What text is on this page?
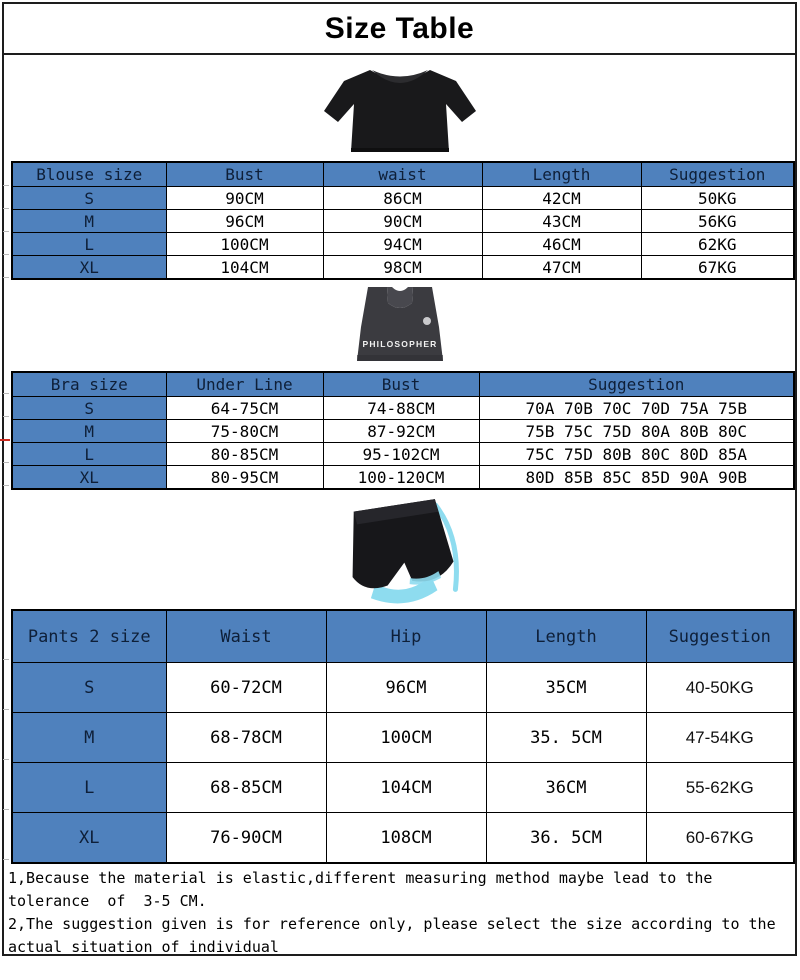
Size Table
Blouse size	Bust	waist	Length	Suggestion
S	90CM	86CM	42CM	50KG
M	96CM	90CM	43CM	56KG
L	100CM	94CM	46CM	62KG
XL	104CM	98CM	47CM	67KG
PHILOSOPHER
Bra size	Under Line	Bust	Suggestion
S	64-75CM	74-88CM	70A 70B 70C 70D 75A 75B
M	75-80CM	87-92CM	75B 75C 75D 80A 80B 80C
L	80-85CM	95-102CM	75C 75D 80B 80C 80D 85A
XL	80-95CM	100-120CM	80D 85B 85C 85D 90A 90B
Pants 2 size	Waist	Hip	Length	Suggestion
S	60-72CM	96CM	35CM	40-50KG
M	68-78CM	100CM	35. 5CM	47-54KG
L	68-85CM	104CM	36CM	55-62KG
XL	76-90CM	108CM	36. 5CM	60-67KG
1,Because the material is elastic,different measuring method maybe lead to the
tolerance  of  3-5 CM.
2,The suggestion given is for reference only, please select the size according to the
actual situation of individual
